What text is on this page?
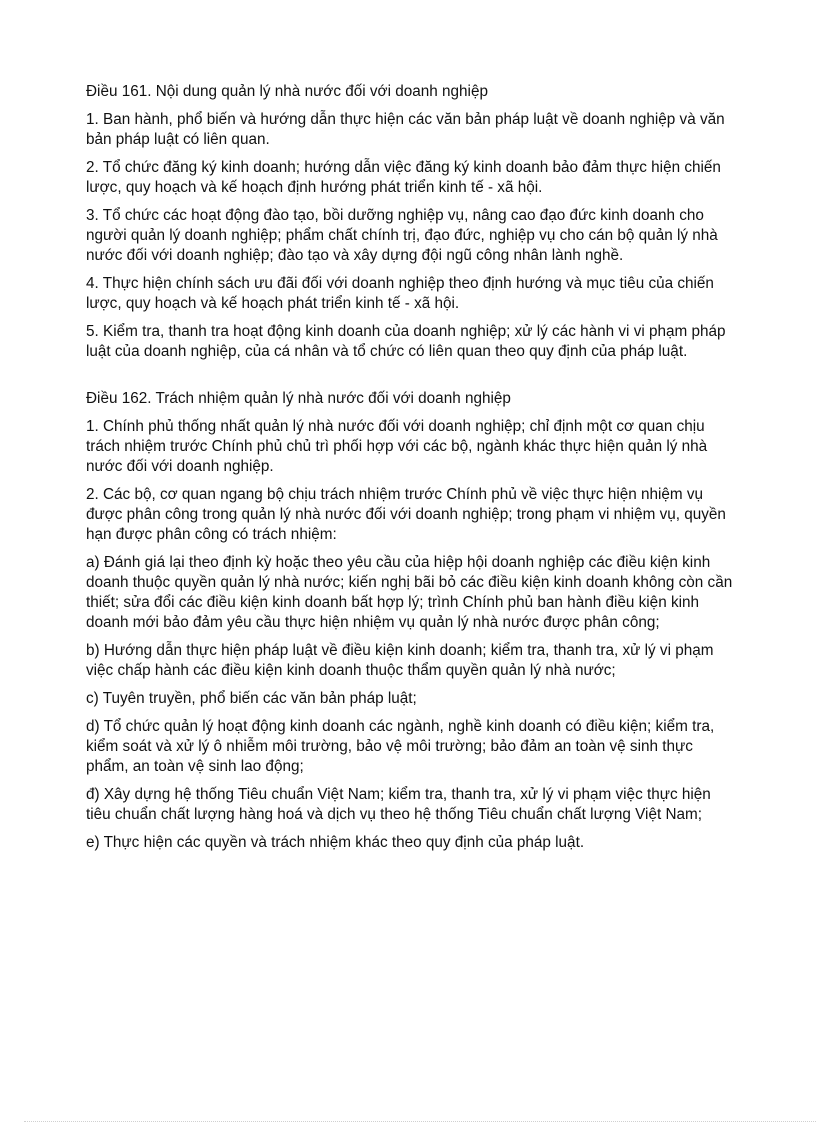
Điều 161. Nội dung quản lý nhà nước đối với doanh nghiệp

1. Ban hành, phổ biến và hướng dẫn thực hiện các văn bản pháp luật về doanh nghiệp và văn bản pháp luật có liên quan.

2. Tổ chức đăng ký kinh doanh; hướng dẫn việc đăng ký kinh doanh bảo đảm thực hiện chiến lược, quy hoạch và kế hoạch định hướng phát triển kinh tế - xã hội.

3. Tổ chức các hoạt động đào tạo, bồi dưỡng nghiệp vụ, nâng cao đạo đức kinh doanh cho người quản lý doanh nghiệp; phẩm chất chính trị, đạo đức, nghiệp vụ cho cán bộ quản lý nhà nước đối với doanh nghiệp; đào tạo và xây dựng đội ngũ công nhân lành nghề.

4. Thực hiện chính sách ưu đãi đối với doanh nghiệp theo định hướng và mục tiêu của chiến lược, quy hoạch và kế hoạch phát triển kinh tế - xã hội.

5. Kiểm tra, thanh tra hoạt động kinh doanh của doanh nghiệp; xử lý các hành vi vi phạm pháp luật của doanh nghiệp, của cá nhân và tổ chức có liên quan theo quy định của pháp luật.

Điều 162. Trách nhiệm quản lý nhà nước đối với doanh nghiệp

1. Chính phủ thống nhất quản lý nhà nước đối với doanh nghiệp; chỉ định một cơ quan chịu trách nhiệm trước Chính phủ chủ trì phối hợp với các bộ, ngành khác thực hiện quản lý nhà nước đối với doanh nghiệp.

2. Các bộ, cơ quan ngang bộ chịu trách nhiệm trước Chính phủ về việc thực hiện nhiệm vụ được phân công trong quản lý nhà nước đối với doanh nghiệp; trong phạm vi nhiệm vụ, quyền hạn được phân công có trách nhiệm:

a) Đánh giá lại theo định kỳ hoặc theo yêu cầu của hiệp hội doanh nghiệp các điều kiện kinh doanh thuộc quyền quản lý nhà nước; kiến nghị bãi bỏ các điều kiện kinh doanh không còn cần thiết; sửa đổi các điều kiện kinh doanh bất hợp lý; trình Chính phủ ban hành điều kiện kinh doanh mới bảo đảm yêu cầu thực hiện nhiệm vụ quản lý nhà nước được phân công;

b) Hướng dẫn thực hiện pháp luật về điều kiện kinh doanh; kiểm tra, thanh tra, xử lý vi phạm việc chấp hành các điều kiện kinh doanh thuộc thẩm quyền quản lý nhà nước;

c) Tuyên truyền, phổ biến các văn bản pháp luật;

d) Tổ chức quản lý hoạt động kinh doanh các ngành, nghề kinh doanh có điều kiện; kiểm tra, kiểm soát và xử lý ô nhiễm môi trường, bảo vệ môi trường; bảo đảm an toàn vệ sinh thực phẩm, an toàn vệ sinh lao động;

đ) Xây dựng hệ thống Tiêu chuẩn Việt Nam; kiểm tra, thanh tra, xử lý vi phạm việc thực hiện tiêu chuẩn chất lượng hàng hoá và dịch vụ theo hệ thống Tiêu chuẩn chất lượng Việt Nam;

e) Thực hiện các quyền và trách nhiệm khác theo quy định của pháp luật.
